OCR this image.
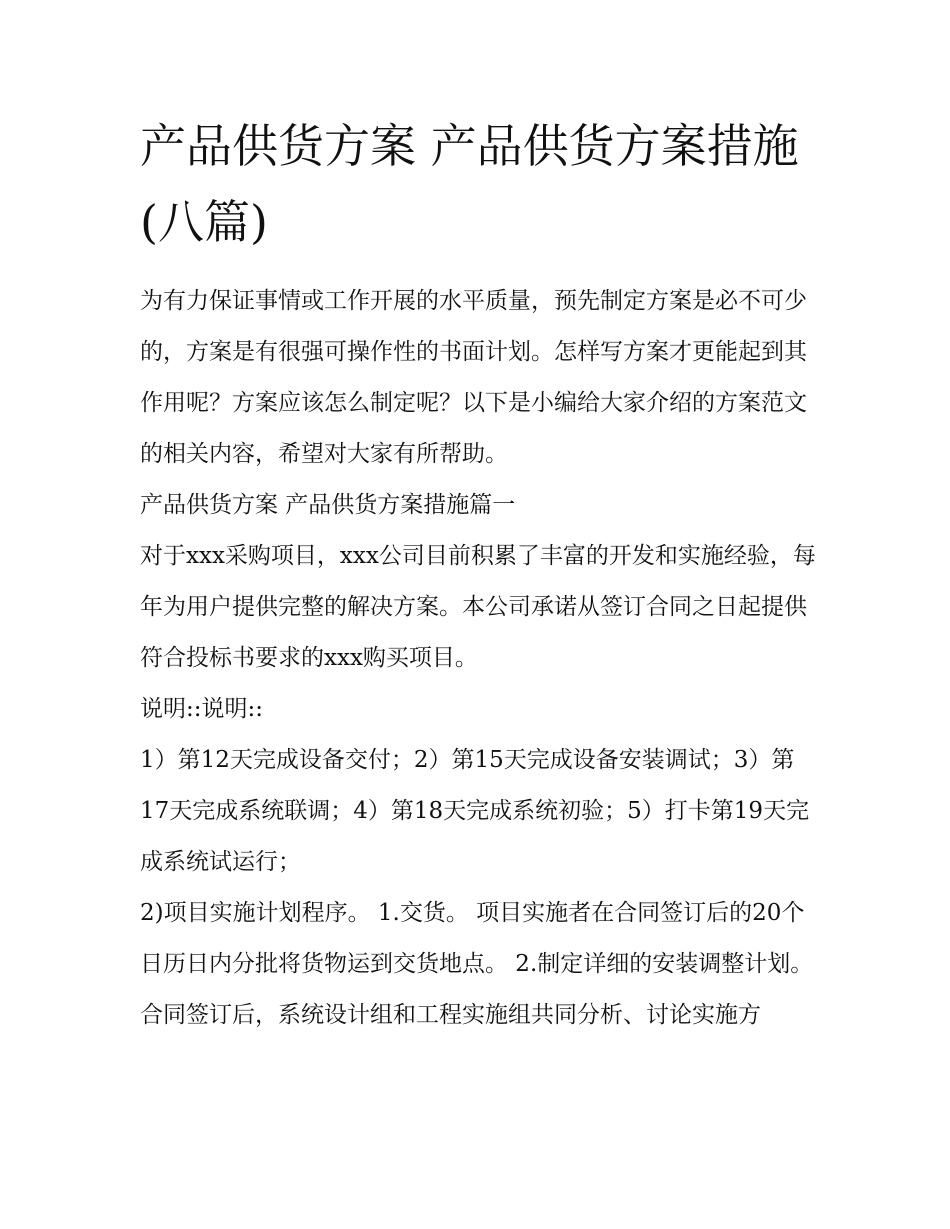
产品供货方案 产品供货方案措施(八篇)

为有力保证事情或工作开展的水平质量，预先制定方案是必不可少的，方案是有很强可操作性的书面计划。怎样写方案才更能起到其作用呢？方案应该怎么制定呢？以下是小编给大家介绍的方案范文的相关内容，希望对大家有所帮助。

产品供货方案 产品供货方案措施篇一

对于xxx采购项目，xxx公司目前积累了丰富的开发和实施经验，每年为用户提供完整的解决方案。本公司承诺从签订合同之日起提供符合投标书要求的xxx购买项目。

说明::说明::

1）第12天完成设备交付；2）第15天完成设备安装调试；3）第17天完成系统联调；4）第18天完成系统初验；5）打卡第19天完成系统试运行；

2)项目实施计划程序。 1.交货。 项目实施者在合同签订后的20个日历日内分批将货物运到交货地点。 2.制定详细的安装调整计划。

合同签订后，系统设计组和工程实施组共同分析、讨论实施方
